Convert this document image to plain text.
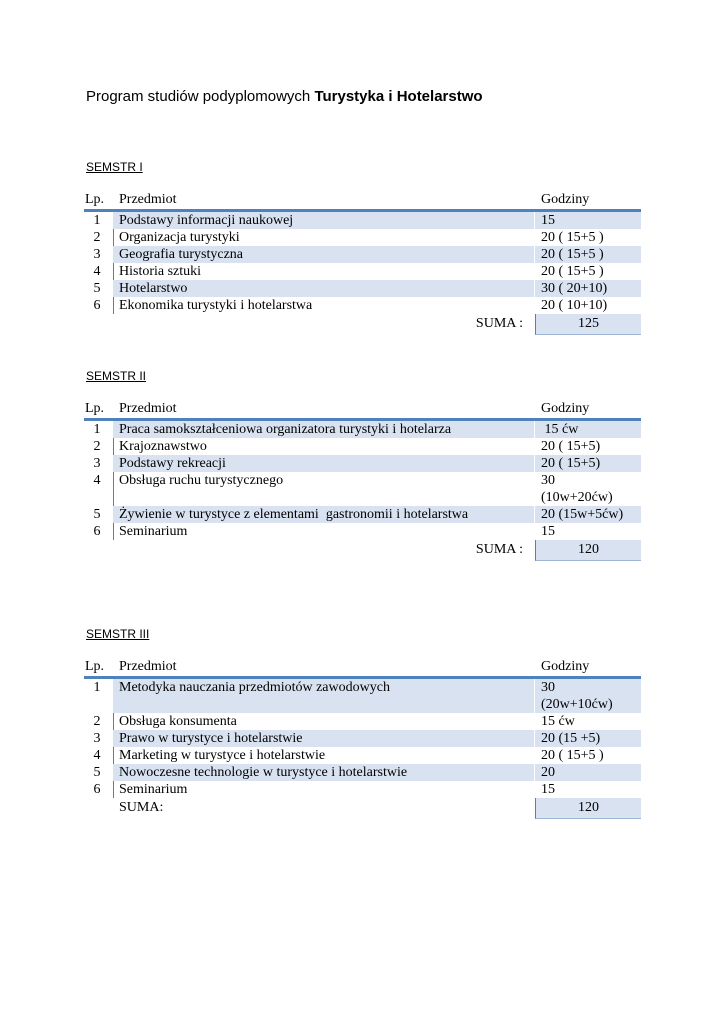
Program studiów podyplomowych Turystyka i Hotelarstwo
SEMSTR I
Lp.	Przedmiot	Godziny
1	Podstawy informacji naukowej	15
2	Organizacja turystyki	20 ( 15+5 )
3	Geografia turystyczna	20 ( 15+5 )
4	Historia sztuki	20 ( 15+5 )
5	Hotelarstwo	30 ( 20+10)
6	Ekonomika turystyki i hotelarstwa	20 ( 10+10)
SUMA :	125
SEMSTR II
Lp.	Przedmiot	Godziny
1	Praca samokształceniowa organizatora turystyki i hotelarza	15 ćw
2	Krajoznawstwo	20 ( 15+5)
3	Podstawy rekreacji	20 ( 15+5)
4	Obsługa ruchu turystycznego	30
(10w+20ćw)
5	Żywienie w turystyce z elementami  gastronomii i hotelarstwa	20 (15w+5ćw)
6	Seminarium	15
SUMA :	120
SEMSTR III
Lp.	Przedmiot	Godziny
1	Metodyka nauczania przedmiotów zawodowych	30
(20w+10ćw)
2	Obsługa konsumenta	15 ćw
3	Prawo w turystyce i hotelarstwie	20 (15 +5)
4	Marketing w turystyce i hotelarstwie	20 ( 15+5 )
5	Nowoczesne technologie w turystyce i hotelarstwie	20
6	Seminarium	15
SUMA:	120
